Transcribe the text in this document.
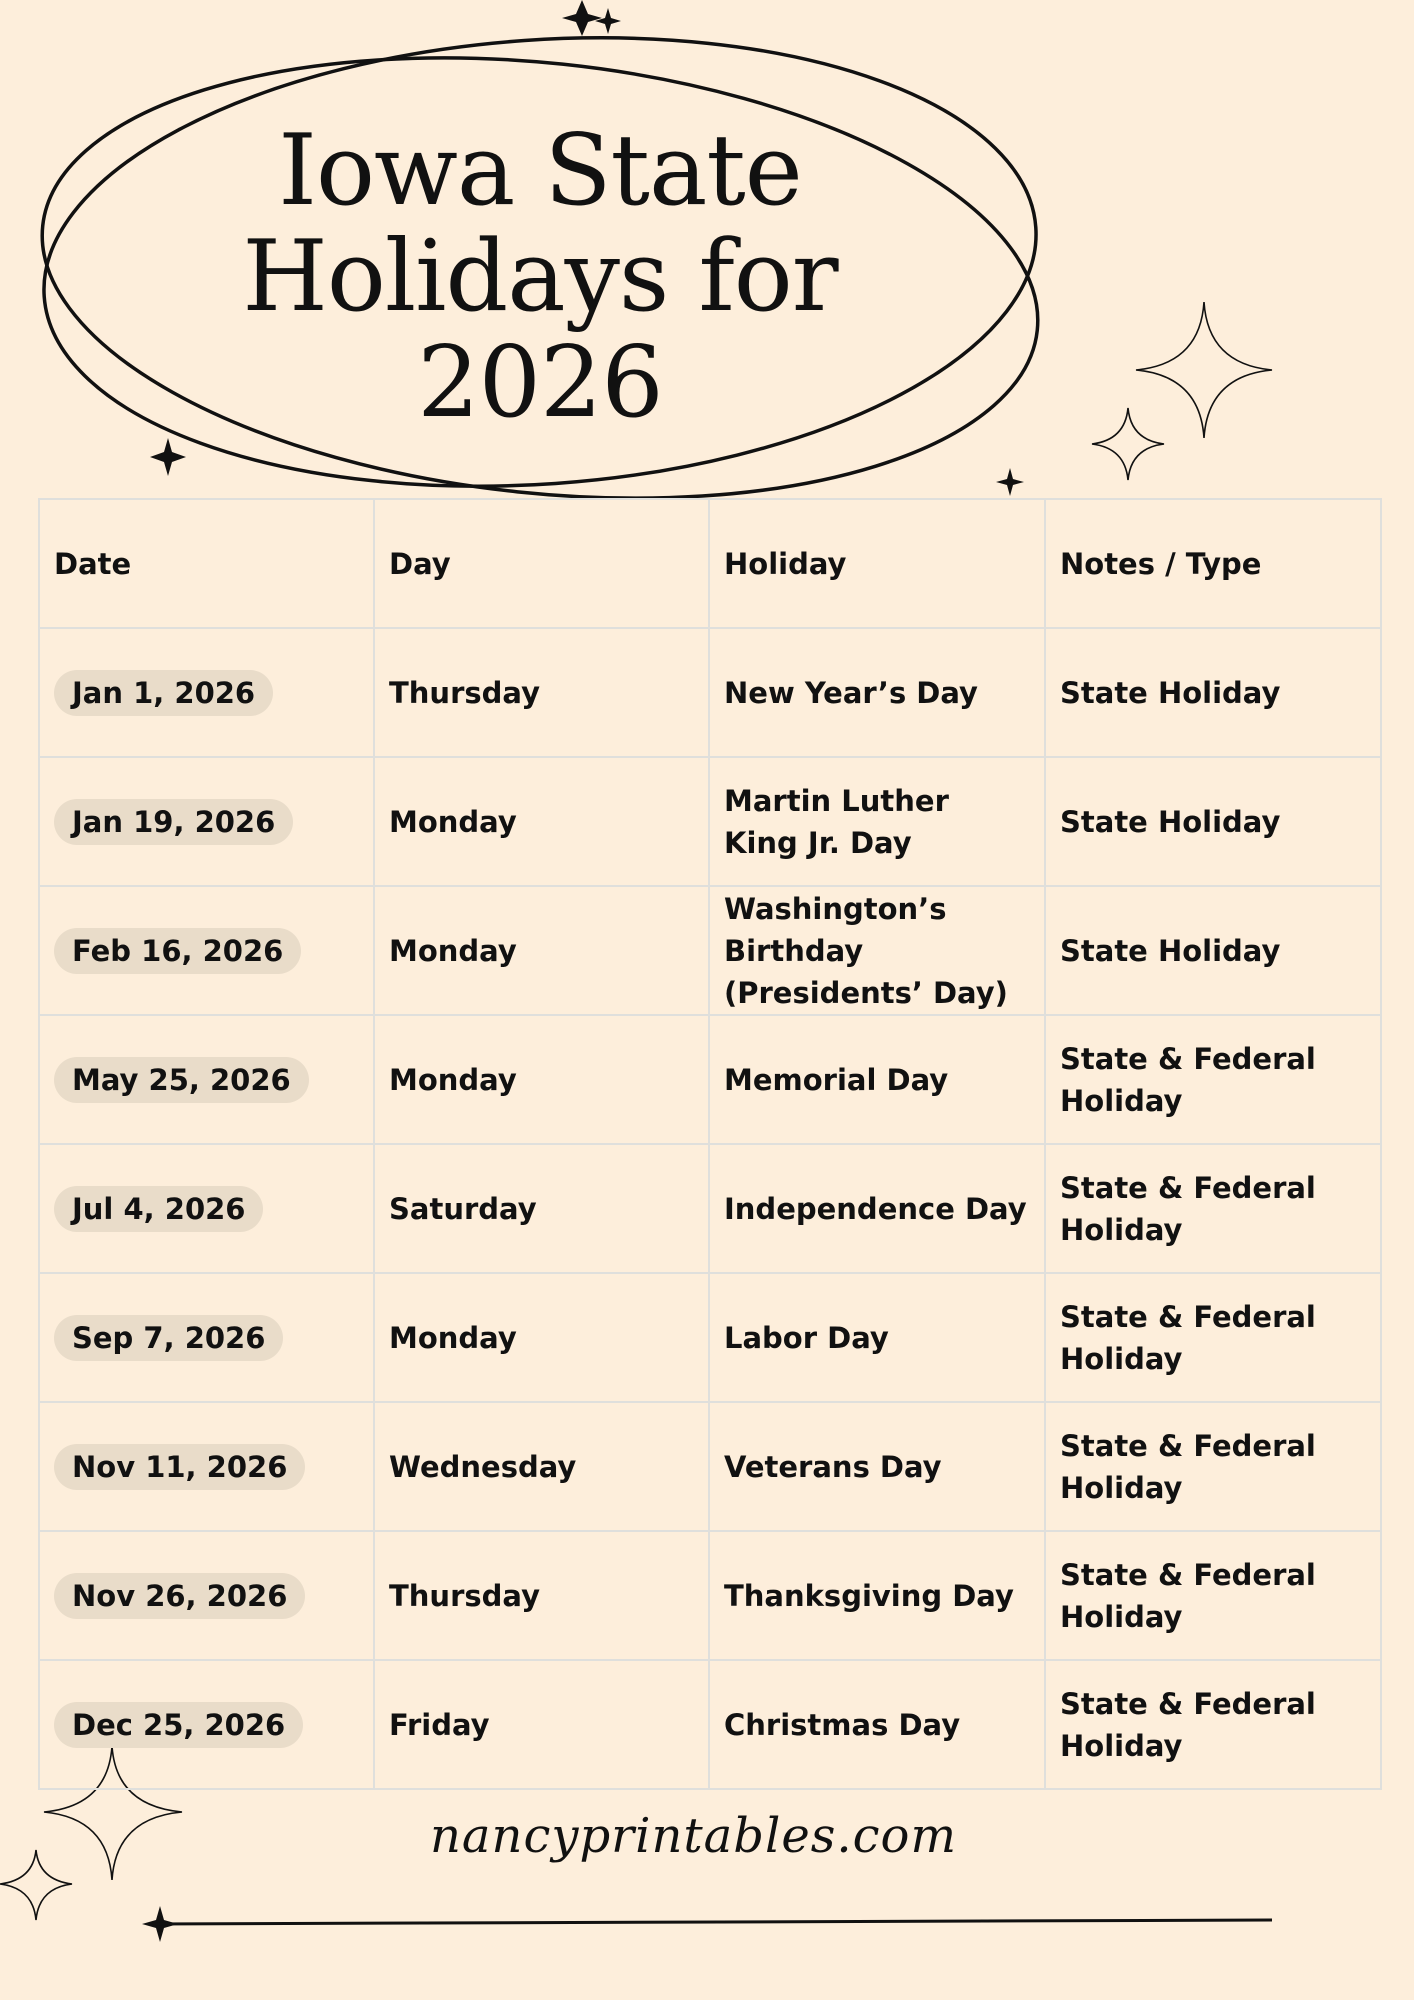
Iowa State
Holidays for
2026
Date	Day	Holiday	Notes / Type
Jan 1, 2026	Thursday	New Year’s Day	State Holiday
Jan 19, 2026	Monday	Martin Luther King Jr. Day	State Holiday
Feb 16, 2026	Monday	Washington’s Birthday (Presidents’ Day)	State Holiday
May 25, 2026	Monday	Memorial Day	State & Federal Holiday
Jul 4, 2026	Saturday	Independence Day	State & Federal Holiday
Sep 7, 2026	Monday	Labor Day	State & Federal Holiday
Nov 11, 2026	Wednesday	Veterans Day	State & Federal Holiday
Nov 26, 2026	Thursday	Thanksgiving Day	State & Federal Holiday
Dec 25, 2026	Friday	Christmas Day	State & Federal Holiday
nancyprintables.com
